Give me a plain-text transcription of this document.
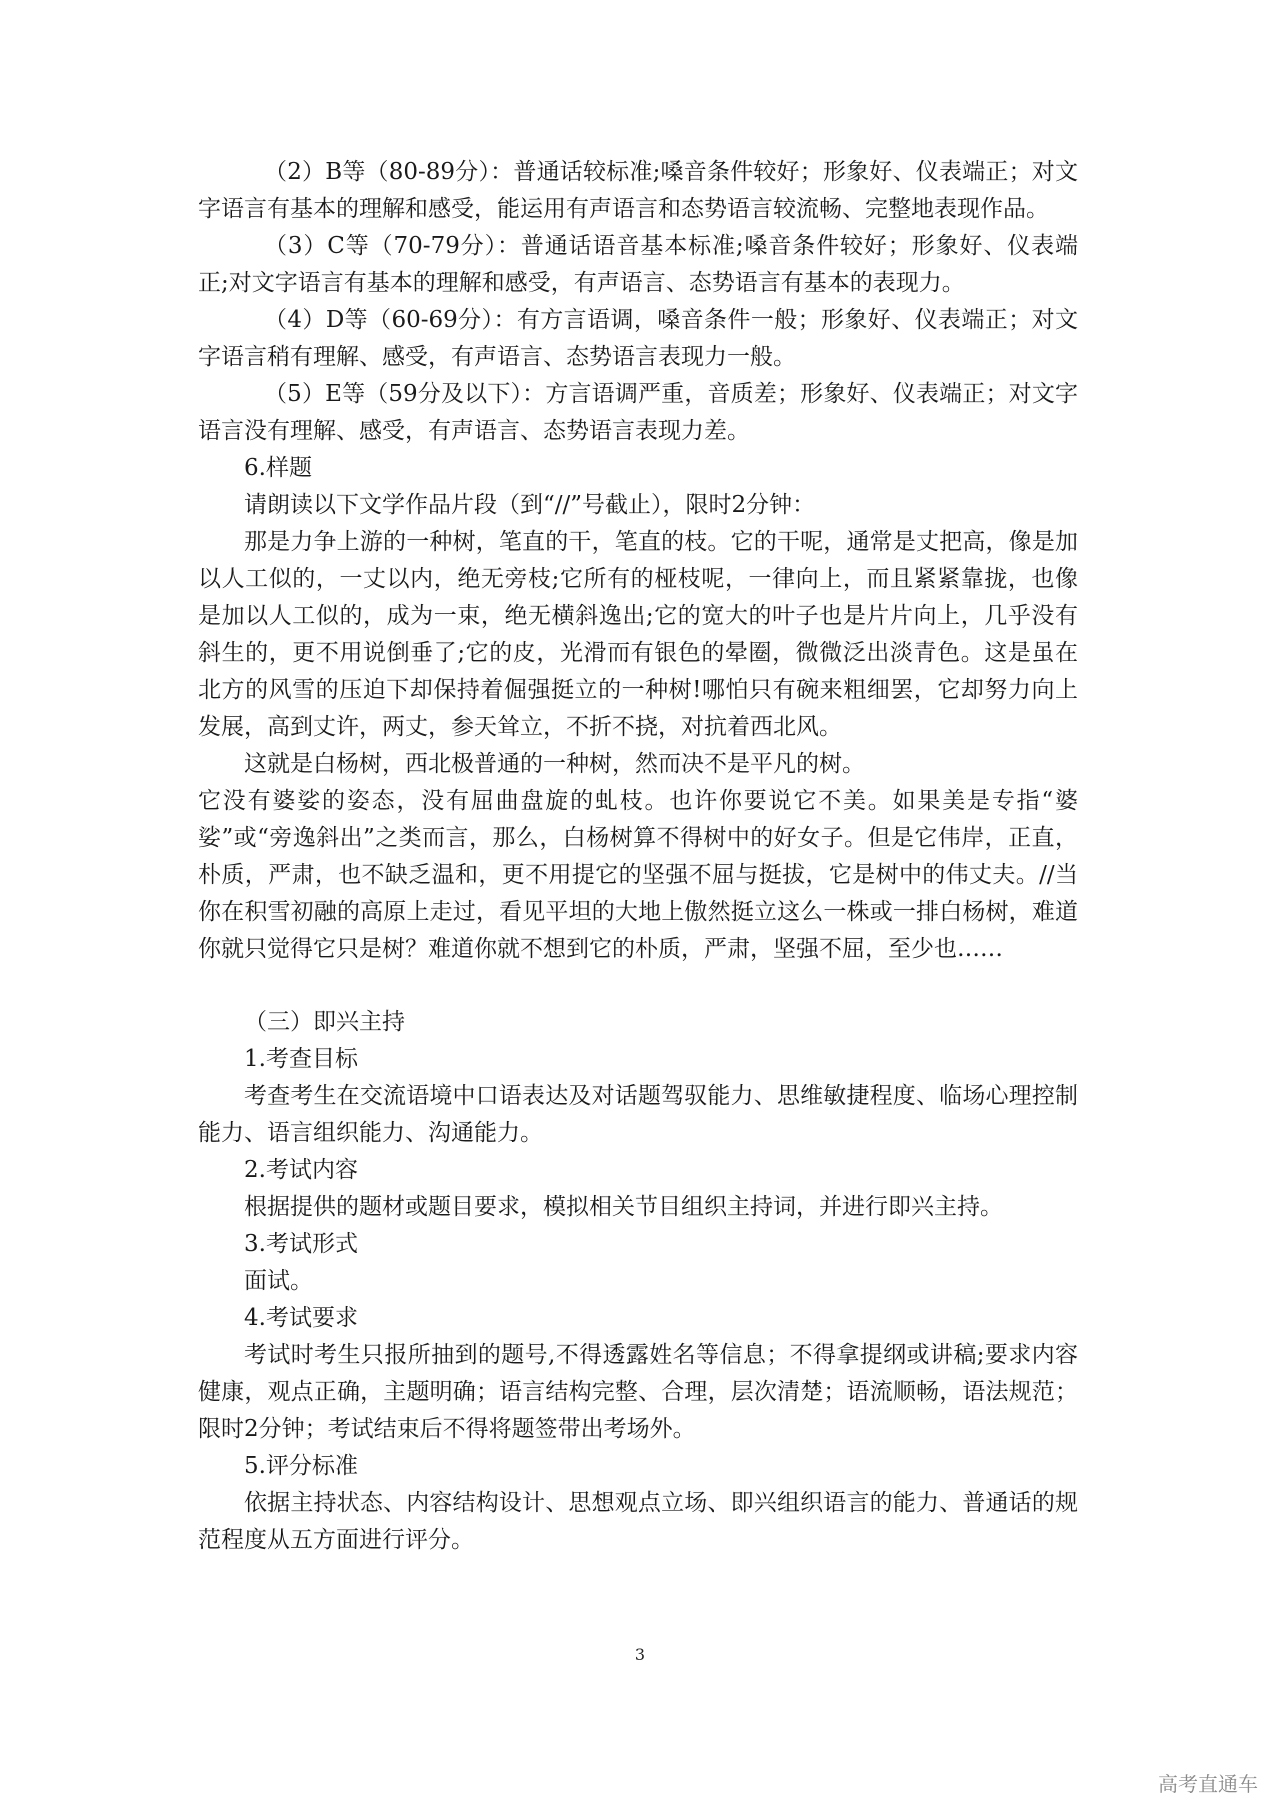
（2）B等（80-89分）：普通话较标准;嗓音条件较好；形象好、仪表端正；对文字语言有基本的理解和感受，能运用有声语言和态势语言较流畅、完整地表现作品。

（3）C等（70-79分）：普通话语音基本标准;嗓音条件较好；形象好、仪表端正;对文字语言有基本的理解和感受，有声语言、态势语言有基本的表现力。

（4）D等（60-69分）：有方言语调，嗓音条件一般；形象好、仪表端正；对文字语言稍有理解、感受，有声语言、态势语言表现力一般。

（5）E等（59分及以下）：方言语调严重，音质差；形象好、仪表端正；对文字语言没有理解、感受，有声语言、态势语言表现力差。

6.样题

请朗读以下文学作品片段（到“//”号截止），限时2分钟：

那是力争上游的一种树，笔直的干，笔直的枝。它的干呢，通常是丈把高，像是加以人工似的，一丈以内，绝无旁枝;它所有的桠枝呢，一律向上，而且紧紧靠拢，也像是加以人工似的，成为一束，绝无横斜逸出;它的宽大的叶子也是片片向上，几乎没有斜生的，更不用说倒垂了;它的皮，光滑而有银色的晕圈，微微泛出淡青色。这是虽在北方的风雪的压迫下却保持着倔强挺立的一种树!哪怕只有碗来粗细罢，它却努力向上发展，高到丈许，两丈，参天耸立，不折不挠，对抗着西北风。

这就是白杨树，西北极普通的一种树，然而决不是平凡的树。

它没有婆娑的姿态，没有屈曲盘旋的虬枝。也许你要说它不美。如果美是专指“婆娑”或“旁逸斜出”之类而言，那么，白杨树算不得树中的好女子。但是它伟岸，正直，朴质，严肃，也不缺乏温和，更不用提它的坚强不屈与挺拔，它是树中的伟丈夫。//当你在积雪初融的高原上走过，看见平坦的大地上傲然挺立这么一株或一排白杨树，难道你就只觉得它只是树？难道你就不想到它的朴质，严肃，坚强不屈，至少也……

（三）即兴主持

1.考查目标

考查考生在交流语境中口语表达及对话题驾驭能力、思维敏捷程度、临场心理控制能力、语言组织能力、沟通能力。

2.考试内容

根据提供的题材或题目要求，模拟相关节目组织主持词，并进行即兴主持。

3.考试形式

面试。

4.考试要求

考试时考生只报所抽到的题号,不得透露姓名等信息；不得拿提纲或讲稿;要求内容健康，观点正确，主题明确；语言结构完整、合理，层次清楚；语流顺畅，语法规范；限时2分钟；考试结束后不得将题签带出考场外。

5.评分标准

依据主持状态、内容结构设计、思想观点立场、即兴组织语言的能力、普通话的规范程度从五方面进行评分。

3
高考直通车
